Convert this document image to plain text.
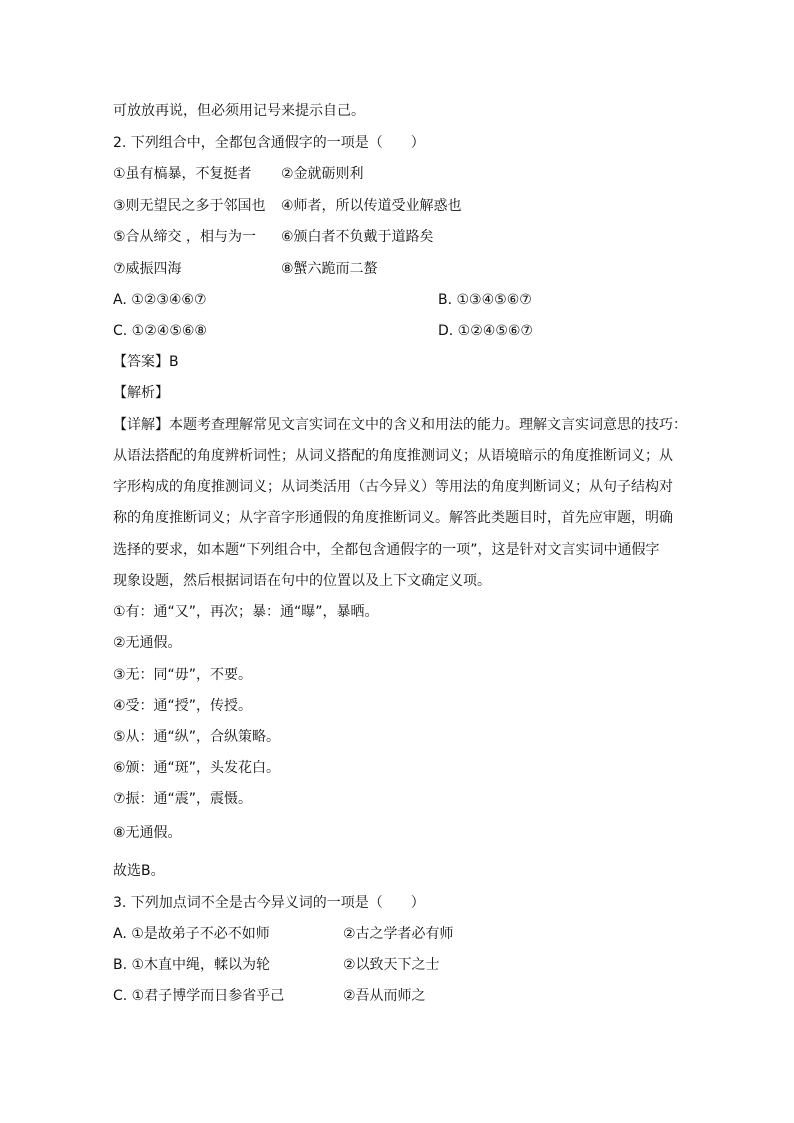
可放放再说，但必须用记号来提示自己。
2. 下列组合中，全都包含通假字的一项是（　　）
①虽有槁暴，不复挺者 ②金就砺则利
③则无望民之多于邻国也 ④师者，所以传道受业解惑也
⑤合从缔交 ，相与为一 ⑥颁白者不负戴于道路矣
⑦威振四海	⑧蟹六跪而二螯
A. ①②③④⑥⑦	B. ①③④⑤⑥⑦
C. ①②④⑤⑥⑧	D. ①②④⑤⑥⑦
【答案】B
【解析】
【详解】本题考查理解常见文言实词在文中的含义和用法的能力。理解文言实词意思的技巧：
从语法搭配的角度辨析词性；从词义搭配的角度推测词义；从语境暗示的角度推断词义；从
字形构成的角度推测词义；从词类活用（古今异义）等用法的角度判断词义；从句子结构对
称的角度推断词义；从字音字形通假的角度推断词义。解答此类题目时，首先应审题，明确
选择的要求，如本题“下列组合中，全都包含通假字的一项”，这是针对文言实词中通假字
现象设题，然后根据词语在句中的位置以及上下文确定义项。
①有：通“又”，再次；暴：通“曝”，暴晒。
②无通假。
③无：同“毋”，不要。
④受：通“授”，传授。
⑤从：通“纵”，合纵策略。
⑥颁：通“斑”，头发花白。
⑦振：通“震”，震慑。
⑧无通假。
故选B。
3. 下列加点词不全是古今异义词的一项是（　　）
A. ①是故弟子不必不如师	②古之学者必有师
B. ①木直中绳，輮以为轮	②以致天下之士
C. ①君子博学而日参省乎己	②吾从而师之
